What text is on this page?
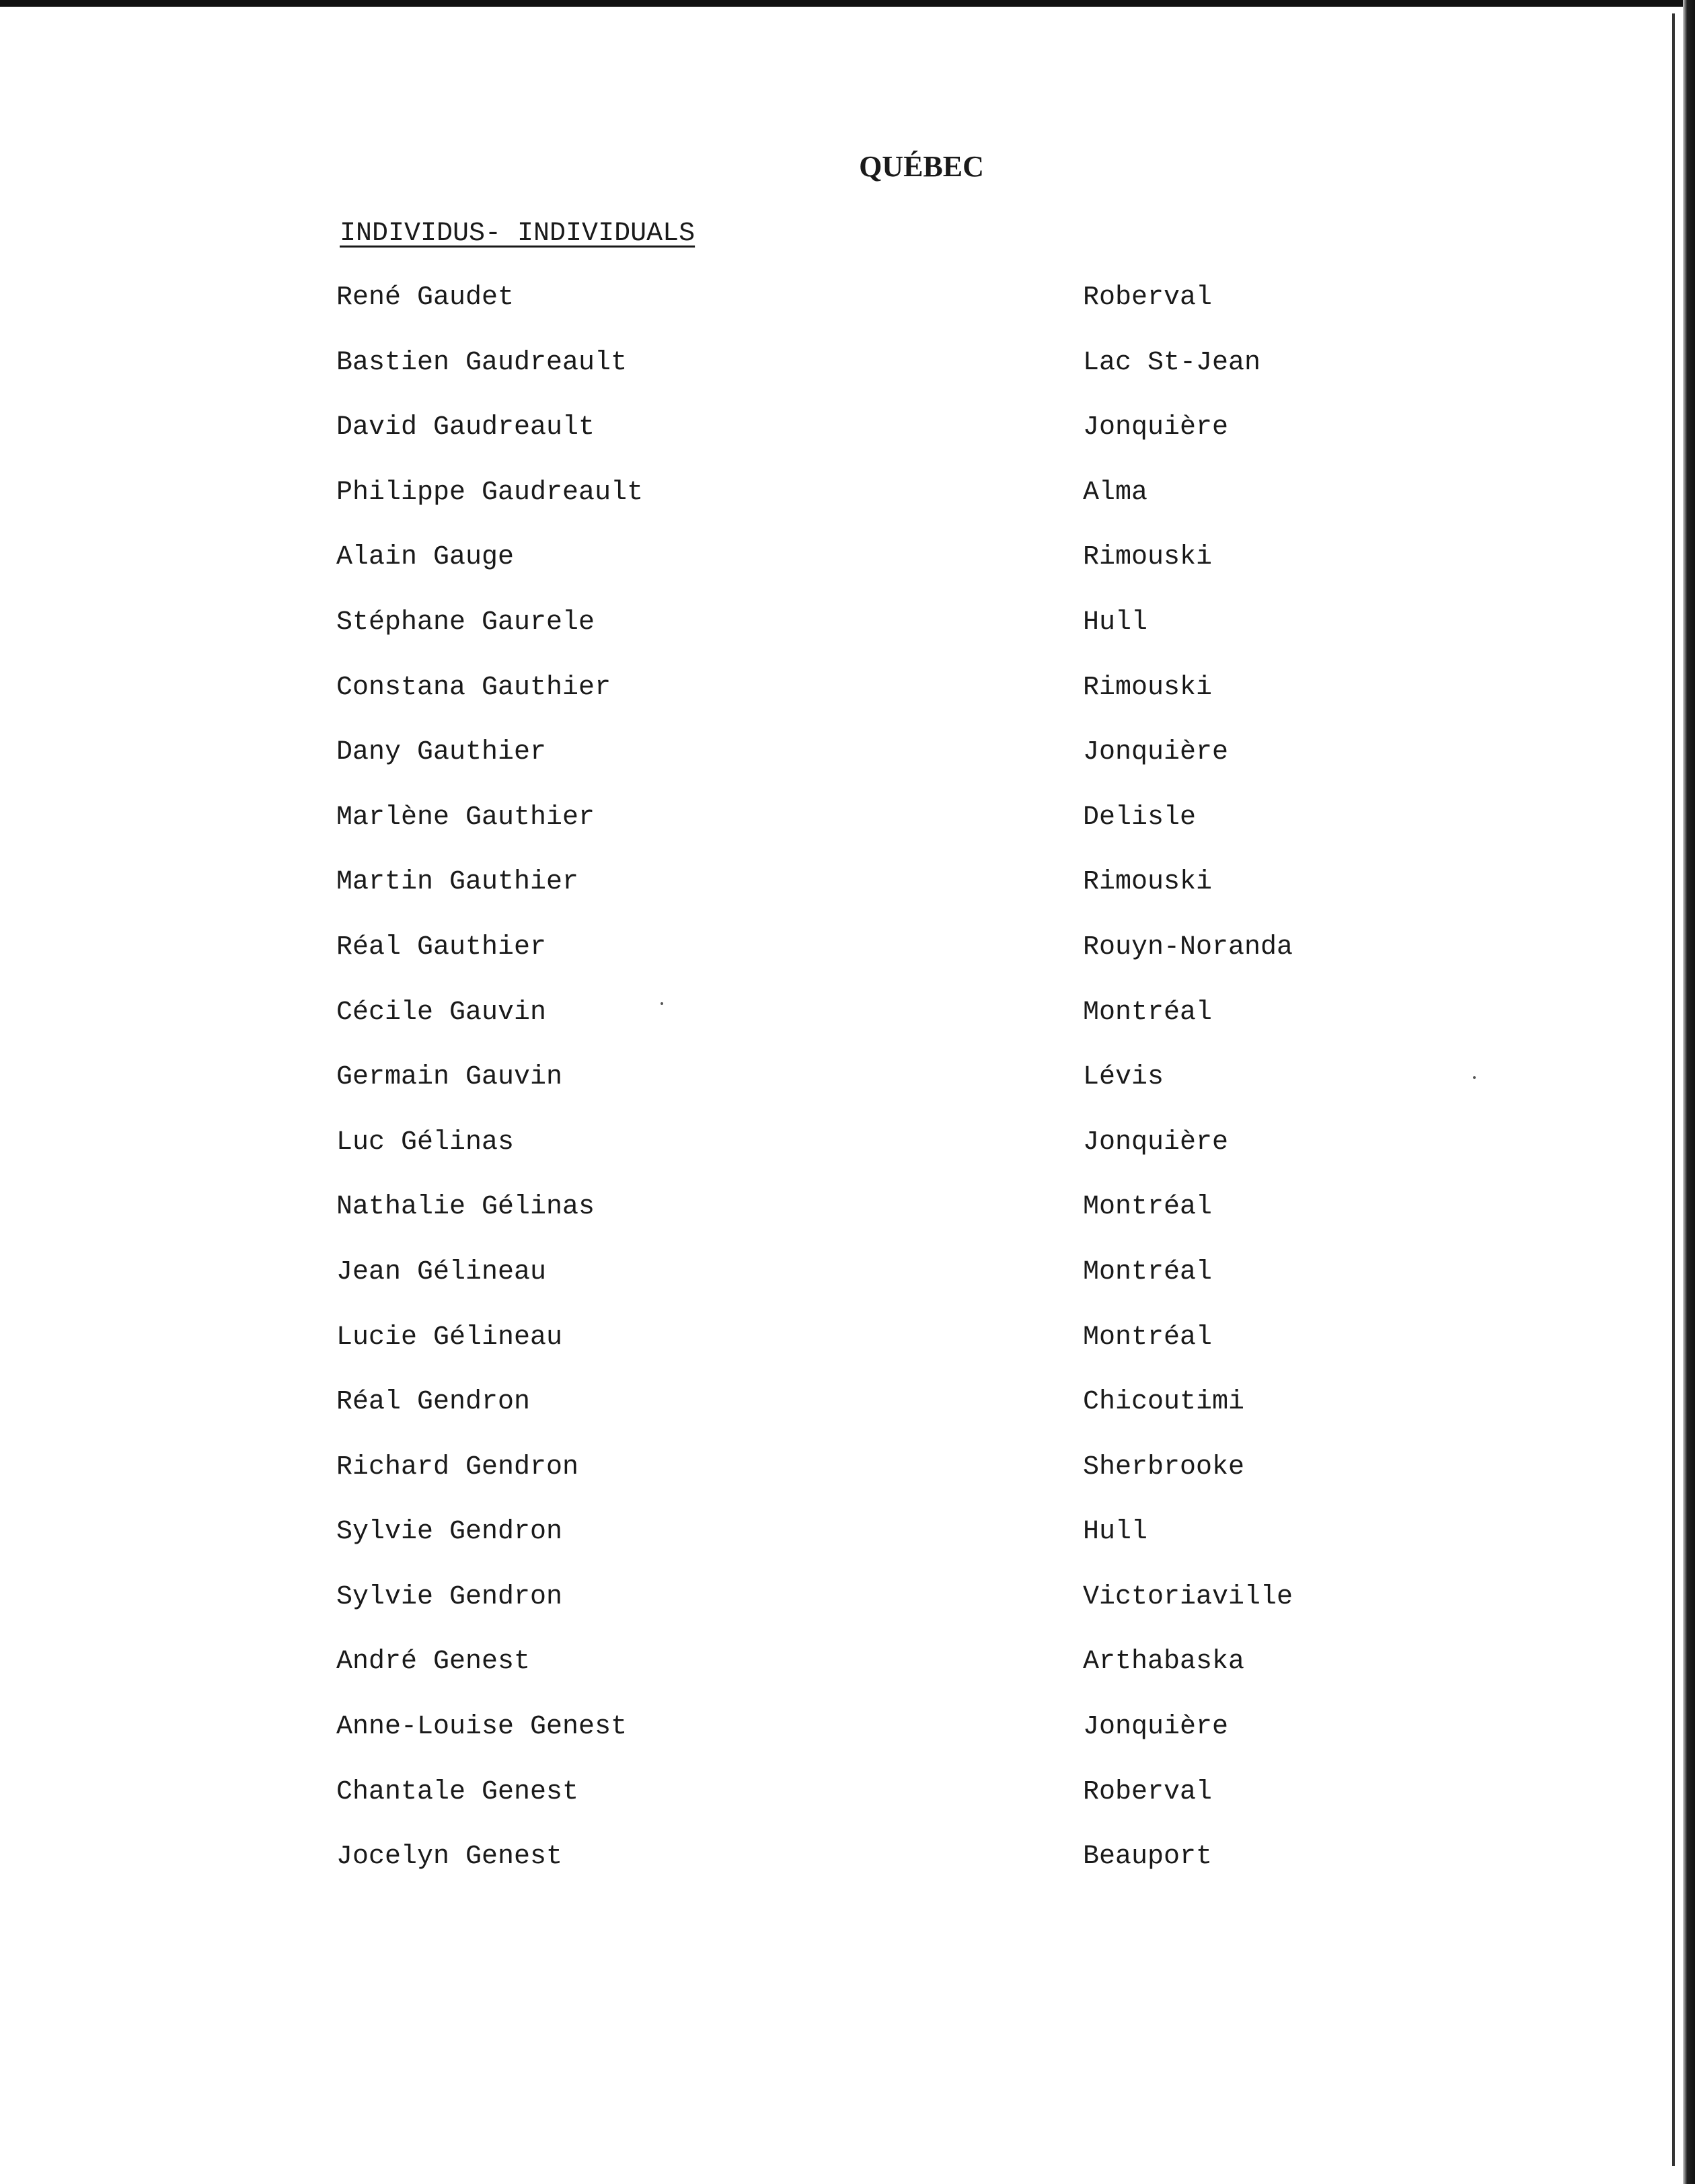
QUÉBEC
INDIVIDUS- INDIVIDUALS
René Gaudet	Roberval
Bastien Gaudreault	Lac St-Jean
David Gaudreault	Jonquière
Philippe Gaudreault	Alma
Alain Gauge	Rimouski
Stéphane Gaurele	Hull
Constana Gauthier	Rimouski
Dany Gauthier	Jonquière
Marlène Gauthier	Delisle
Martin Gauthier	Rimouski
Réal Gauthier	Rouyn-Noranda
Cécile Gauvin	Montréal
Germain Gauvin	Lévis
Luc Gélinas	Jonquière
Nathalie Gélinas	Montréal
Jean Gélineau	Montréal
Lucie Gélineau	Montréal
Réal Gendron	Chicoutimi
Richard Gendron	Sherbrooke
Sylvie Gendron	Hull
Sylvie Gendron	Victoriaville
André Genest	Arthabaska
Anne-Louise Genest	Jonquière
Chantale Genest	Roberval
Jocelyn Genest	Beauport
